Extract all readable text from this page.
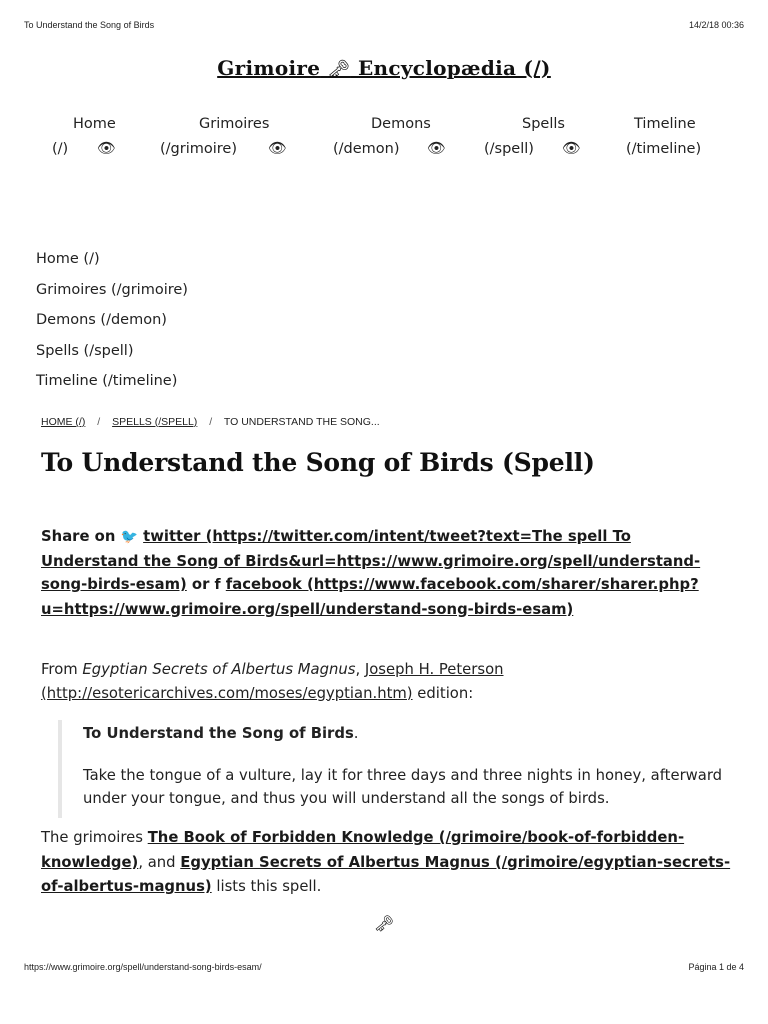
To Understand the Song of Birds	14/2/18 00:36
Grimoire 🗝 Encyclopædia (/)
Home
(/) 👁
Grimoires
(/grimoire) 👁
Demons
(/demon) 👁
Spells
(/spell) 👁
Timeline
(/timeline)
Home (/)
Grimoires (/grimoire)
Demons (/demon)
Spells (/spell)
Timeline (/timeline)
HOME (/) / SPELLS (/SPELL) / TO UNDERSTAND THE SONG...
To Understand the Song of Birds (Spell)

Share on 🐦 twitter (https://twitter.com/intent/tweet?text=The spell To Understand the Song of Birds&url=https://www.grimoire.org/spell/understand-song-birds-esam) or f facebook (https://www.facebook.com/sharer/sharer.php?u=https://www.grimoire.org/spell/understand-song-birds-esam)

From Egyptian Secrets of Albertus Magnus, Joseph H. Peterson (http://esotericarchives.com/moses/egyptian.htm) edition:

To Understand the Song of Birds.

Take the tongue of a vulture, lay it for three days and three nights in honey, afterward under your tongue, and thus you will understand all the songs of birds.

The grimoires The Book of Forbidden Knowledge (/grimoire/book-of-forbidden-knowledge), and Egyptian Secrets of Albertus Magnus (/grimoire/egyptian-secrets-of-albertus-magnus) lists this spell.

🗝
https://www.grimoire.org/spell/understand-song-birds-esam/	Página 1 de 4
